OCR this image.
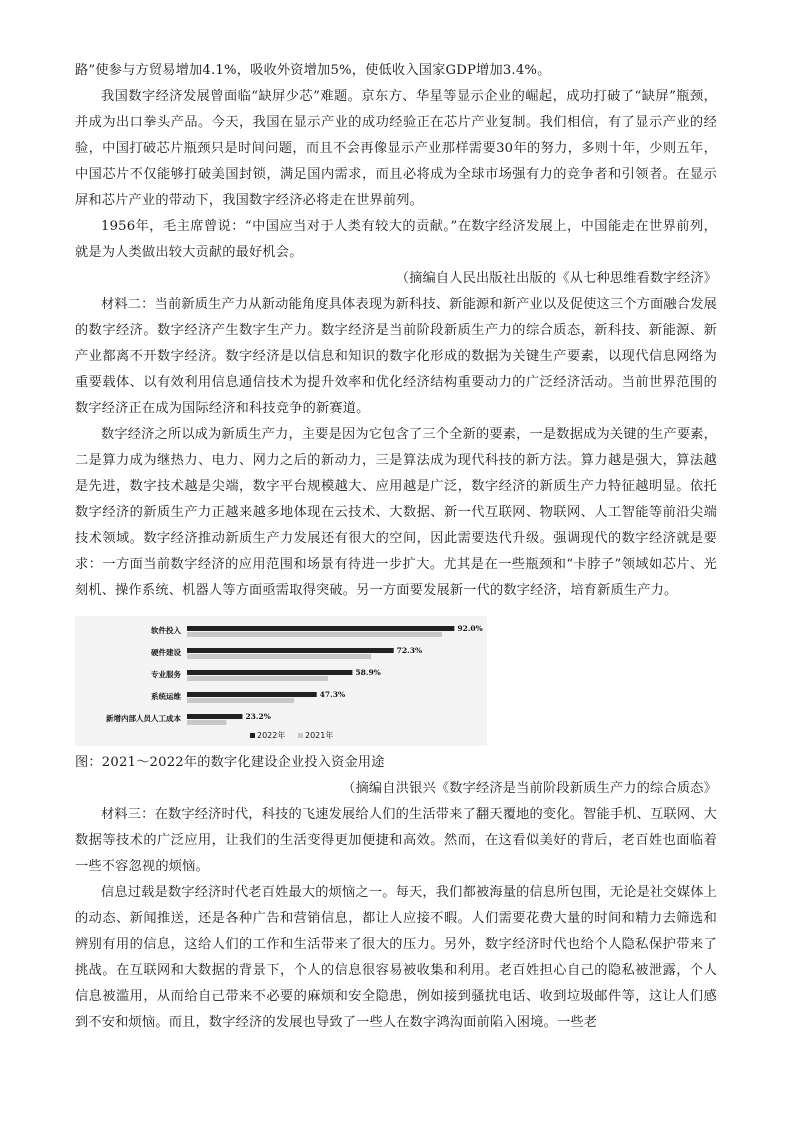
路”使参与方贸易增加4.1%，吸收外资增加5%，使低收入国家GDP增加3.4%。

我国数字经济发展曾面临“缺屏少芯”难题。京东方、华星等显示企业的崛起，成功打破了“缺屏”瓶颈，并成为出口拳头产品。今天，我国在显示产业的成功经验正在芯片产业复制。我们相信，有了显示产业的经验，中国打破芯片瓶颈只是时间问题，而且不会再像显示产业那样需要30年的努力，多则十年，少则五年，中国芯片不仅能够打破美国封锁，满足国内需求，而且必将成为全球市场强有力的竞争者和引领者。在显示屏和芯片产业的带动下，我国数字经济必将走在世界前列。

1956年，毛主席曾说：“中国应当对于人类有较大的贡献。”在数字经济发展上，中国能走在世界前列，就是为人类做出较大贡献的最好机会。

（摘编自人民出版社出版的《从七种思维看数字经济》

材料二：当前新质生产力从新动能角度具体表现为新科技、新能源和新产业以及促使这三个方面融合发展的数字经济。数字经济产生数字生产力。数字经济是当前阶段新质生产力的综合质态，新科技、新能源、新产业都离不开数字经济。数字经济是以信息和知识的数字化形成的数据为关键生产要素，以现代信息网络为重要载体、以有效利用信息通信技术为提升效率和优化经济结构重要动力的广泛经济活动。当前世界范围的数字经济正在成为国际经济和科技竞争的新赛道。

数字经济之所以成为新质生产力，主要是因为它包含了三个全新的要素，一是数据成为关键的生产要素，二是算力成为继热力、电力、网力之后的新动力，三是算法成为现代科技的新方法。算力越是强大，算法越是先进，数字技术越是尖端，数字平台规模越大、应用越是广泛，数字经济的新质生产力特征越明显。依托数字经济的新质生产力正越来越多地体现在云技术、大数据、新一代互联网、物联网、人工智能等前沿尖端技术领域。数字经济推动新质生产力发展还有很大的空间，因此需要迭代升级。强调现代的数字经济就是要求：一方面当前数字经济的应用范围和场景有待进一步扩大。尤其是在一些瓶颈和“卡脖子”领域如芯片、光刻机、操作系统、机器人等方面亟需取得突破。另一方面要发展新一代的数字经济，培育新质生产力。

软件投入	92.0%
硬件建设	72.3%
专业服务	58.9%
系统运维	47.3%
新增内部人员人工成本	23.2%
2022年 2021年

图：2021～2022年的数字化建设企业投入资金用途

（摘编自洪银兴《数字经济是当前阶段新质生产力的综合质态》

材料三：在数字经济时代，科技的飞速发展给人们的生活带来了翻天覆地的变化。智能手机、互联网、大数据等技术的广泛应用，让我们的生活变得更加便捷和高效。然而，在这看似美好的背后，老百姓也面临着一些不容忽视的烦恼。

信息过载是数字经济时代老百姓最大的烦恼之一。每天，我们都被海量的信息所包围，无论是社交媒体上的动态、新闻推送，还是各种广告和营销信息，都让人应接不暇。人们需要花费大量的时间和精力去筛选和辨别有用的信息，这给人们的工作和生活带来了很大的压力。另外，数字经济时代也给个人隐私保护带来了挑战。在互联网和大数据的背景下，个人的信息很容易被收集和利用。老百姓担心自己的隐私被泄露，个人信息被滥用，从而给自己带来不必要的麻烦和安全隐患，例如接到骚扰电话、收到垃圾邮件等，这让人们感到不安和烦恼。而且，数字经济的发展也导致了一些人在数字鸿沟面前陷入困境。一些老
